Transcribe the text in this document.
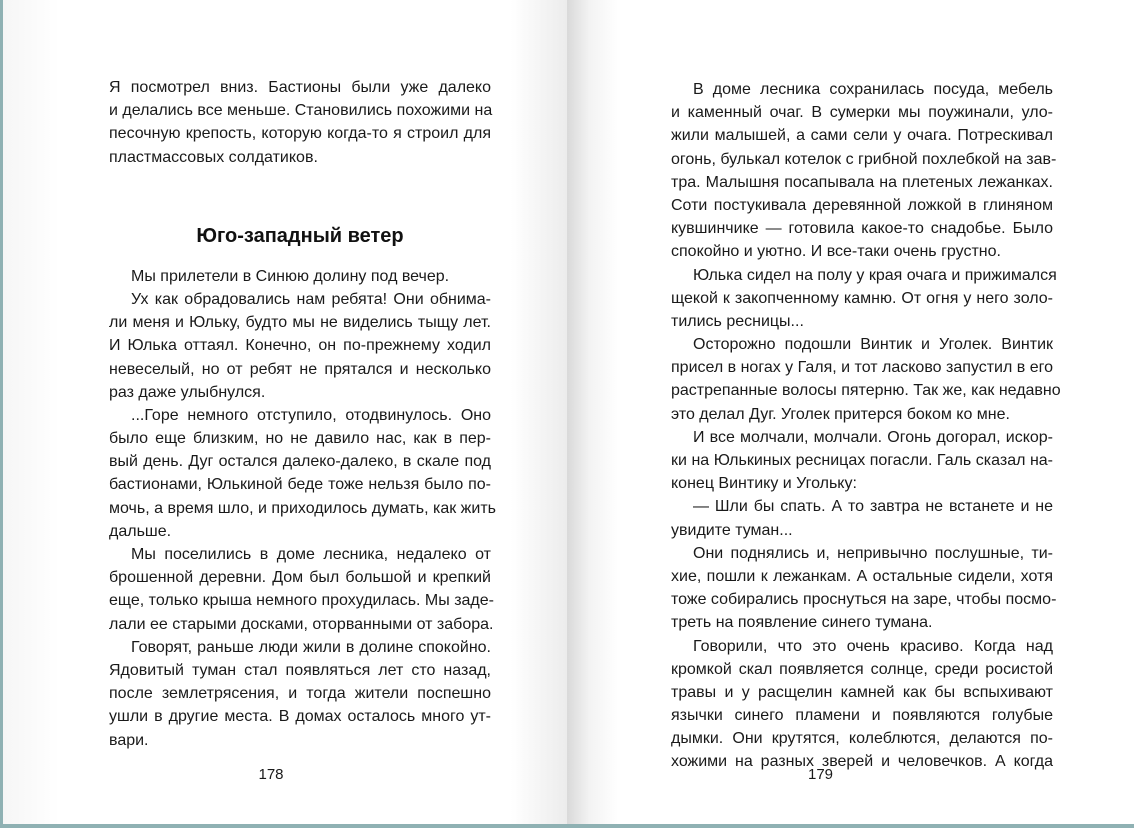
Я посмотрел вниз. Бастионы были уже далеко
и делались все меньше. Становились похожими на
песочную крепость, которую когда-то я строил для
пластмассовых солдатиков.
Юго-западный ветер
Мы прилетели в Синюю долину под вечер.
Ух как обрадовались нам ребята! Они обнима-
ли меня и Юльку, будто мы не виделись тыщу лет.
И Юлька оттаял. Конечно, он по-прежнему ходил
невеселый, но от ребят не прятался и несколько
раз даже улыбнулся.
...Горе немного отступило, отодвинулось. Оно
было еще близким, но не давило нас, как в пер-
вый день. Дуг остался далеко-далеко, в скале под
бастионами, Юлькиной беде тоже нельзя было по-
мочь, а время шло, и приходилось думать, как жить
дальше.
Мы поселились в доме лесника, недалеко от
брошенной деревни. Дом был большой и крепкий
еще, только крыша немного прохудилась. Мы заде-
лали ее старыми досками, оторванными от забора.
Говорят, раньше люди жили в долине спокойно.
Ядовитый туман стал появляться лет сто назад,
после землетрясения, и тогда жители поспешно
ушли в другие места. В домах осталось много ут-
вари.
178
В доме лесника сохранилась посуда, мебель
и каменный очаг. В сумерки мы поужинали, уло-
жили малышей, а сами сели у очага. Потрескивал
огонь, булькал котелок с грибной похлебкой на зав-
тра. Малышня посапывала на плетеных лежанках.
Соти постукивала деревянной ложкой в глиняном
кувшинчике — готовила какое-то снадобье. Было
спокойно и уютно. И все-таки очень грустно.
Юлька сидел на полу у края очага и прижимался
щекой к закопченному камню. От огня у него золо-
тились ресницы...
Осторожно подошли Винтик и Уголек. Винтик
присел в ногах у Галя, и тот ласково запустил в его
растрепанные волосы пятерню. Так же, как недавно
это делал Дуг. Уголек притерся боком ко мне.
И все молчали, молчали. Огонь догорал, искор-
ки на Юлькиных ресницах погасли. Галь сказал на-
конец Винтику и Угольку:
— Шли бы спать. А то завтра не встанете и не
увидите туман...
Они поднялись и, непривычно послушные, ти-
хие, пошли к лежанкам. А остальные сидели, хотя
тоже собирались проснуться на заре, чтобы посмо-
треть на появление синего тумана.
Говорили, что это очень красиво. Когда над
кромкой скал появляется солнце, среди росистой
травы и у расщелин камней как бы вспыхивают
язычки синего пламени и появляются голубые
дымки. Они крутятся, колеблются, делаются по-
хожими на разных зверей и человечков. А когда
179
